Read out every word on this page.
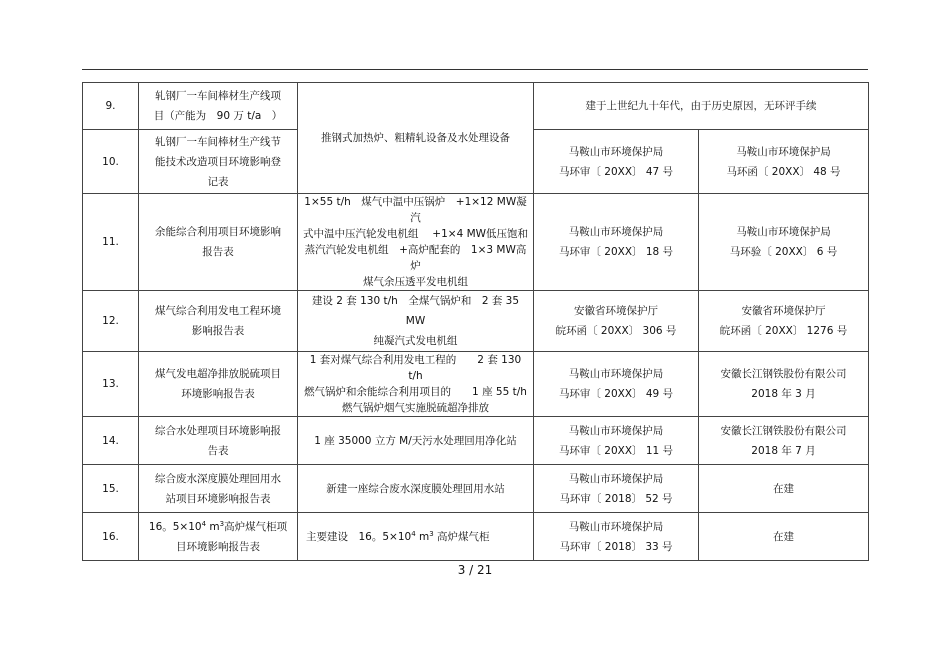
9.	轧钢厂一车间棒材生产线项
目（产能为　90 万 t/a　）	推钢式加热炉、粗精轧设备及水处理设备	建于上世纪九十年代，由于历史原因，无环评手续	
10.	轧钢厂一车间棒材生产线节
能技术改造项目环境影响登
记表		马鞍山市环境保护局
马环审〔 20XX〕 47 号	马鞍山市环境保护局
马环函〔 20XX〕 48 号
11.	余能综合利用项目环境影响
报告表	1×55 t/h　煤气中温中压锅炉　+1×12 MW凝汽
式中温中压汽轮发电机组　 +1×4 MW低压饱和
蒸汽汽轮发电机组　+高炉配套的　1×3 MW高炉
煤气余压透平发电机组	马鞍山市环境保护局
马环审〔 20XX〕 18 号	马鞍山市环境保护局
马环验〔 20XX〕 6 号
12.	煤气综合利用发电工程环境
影响报告表	建设 2 套 130 t/h　全煤气锅炉和　2 套 35 MW
纯凝汽式发电机组	安徽省环境保护厅
皖环函〔 20XX〕 306 号	安徽省环境保护厅
皖环函〔 20XX〕 1276 号
13.	煤气发电超净排放脱硫项目
环境影响报告表	1 套对煤气综合利用发电工程的　　2 套 130 t/h
燃气锅炉和余能综合利用项目的　　1 座 55 t/h
燃气锅炉烟气实施脱硫超净排放	马鞍山市环境保护局
马环审〔 20XX〕 49 号	安徽长江钢铁股份有限公司
2018 年 3 月
14.	综合水处理项目环境影响报
告表	1 座 35000 立方 M/天污水处理回用净化站	马鞍山市环境保护局
马环审〔 20XX〕 11 号	安徽长江钢铁股份有限公司
2018 年 7 月
15.	综合废水深度膜处理回用水
站项目环境影响报告表	新建一座综合废水深度膜处理回用水站	马鞍山市环境保护局
马环审〔 2018〕 52 号	在建
16.	16。$5\times 10^4$ $m^3$高炉煤气柜项
目环境影响报告表	主要建设　16。$5\times 10^4$ $m^3$ 高炉煤气柜	马鞍山市环境保护局
马环审〔 2018〕 33 号	在建
3 / 21
